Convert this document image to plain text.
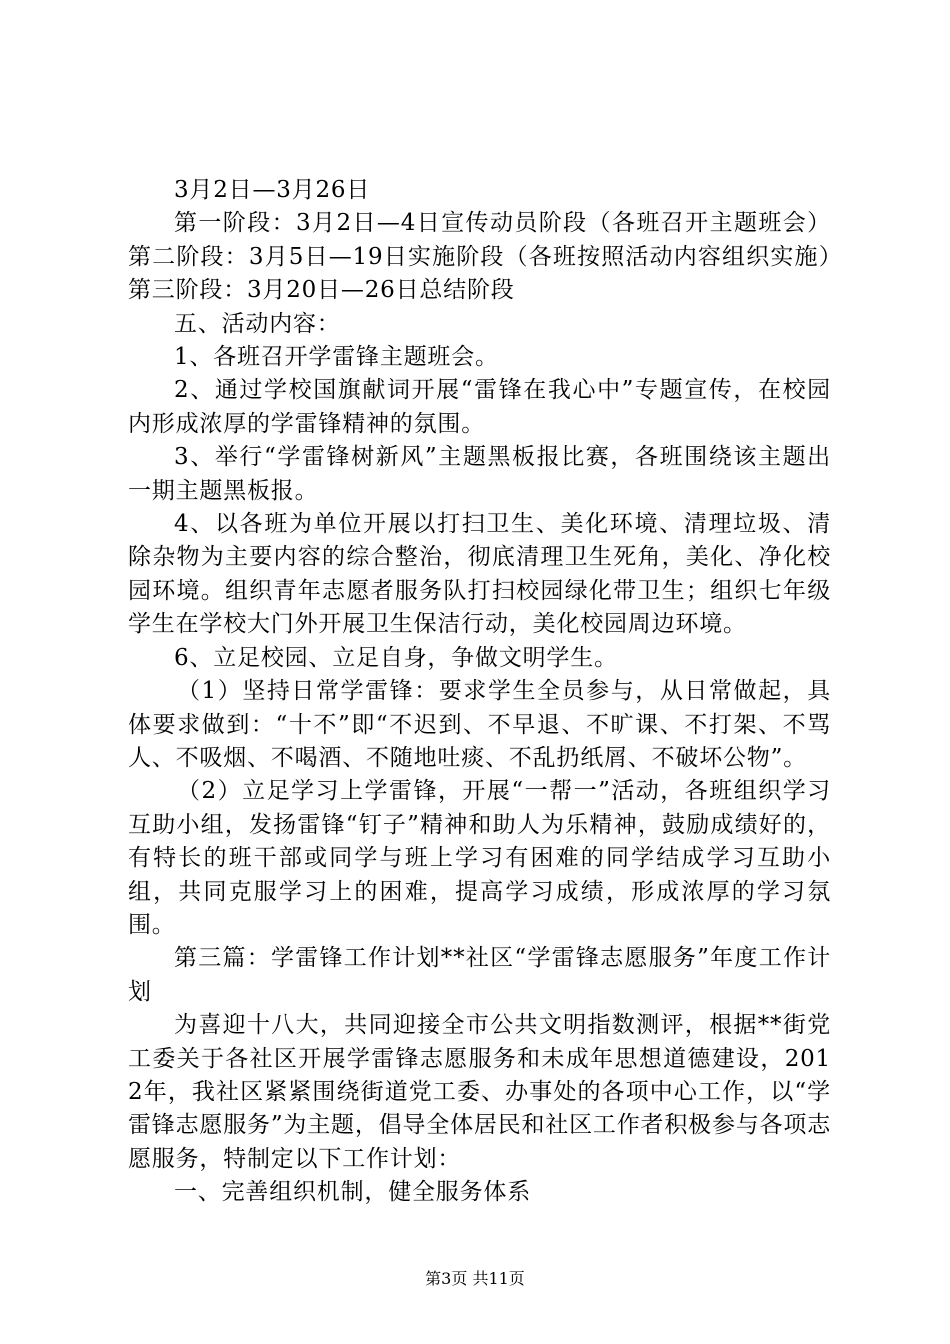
3月2日—3月26日

第一阶段：3月2日—4日宣传动员阶段（各班召开主题班会）第二阶段：3月5日—19日实施阶段（各班按照活动内容组织实施）第三阶段：3月20日—26日总结阶段

五、活动内容：

1、各班召开学雷锋主题班会。

2、通过学校国旗献词开展“雷锋在我心中”专题宣传，在校园内形成浓厚的学雷锋精神的氛围。

3、举行“学雷锋树新风”主题黑板报比赛，各班围绕该主题出一期主题黑板报。

4、以各班为单位开展以打扫卫生、美化环境、清理垃圾、清除杂物为主要内容的综合整治，彻底清理卫生死角，美化、净化校园环境。组织青年志愿者服务队打扫校园绿化带卫生；组织七年级学生在学校大门外开展卫生保洁行动，美化校园周边环境。

6、立足校园、立足自身，争做文明学生。

（1）坚持日常学雷锋：要求学生全员参与，从日常做起，具体要求做到：“十不”即“不迟到、不早退、不旷课、不打架、不骂人、不吸烟、不喝酒、不随地吐痰、不乱扔纸屑、不破坏公物”。

（2）立足学习上学雷锋，开展“一帮一”活动，各班组织学习互助小组，发扬雷锋“钉子”精神和助人为乐精神，鼓励成绩好的，有特长的班干部或同学与班上学习有困难的同学结成学习互助小组，共同克服学习上的困难，提高学习成绩，形成浓厚的学习氛围。

第三篇：学雷锋工作计划**社区“学雷锋志愿服务”年度工作计划

为喜迎十八大，共同迎接全市公共文明指数测评，根据**街党工委关于各社区开展学雷锋志愿服务和未成年思想道德建设，2012年，我社区紧紧围绕街道党工委、办事处的各项中心工作，以“学雷锋志愿服务”为主题，倡导全体居民和社区工作者积极参与各项志愿服务，特制定以下工作计划：

一、完善组织机制，健全服务体系

第3页 共11页
